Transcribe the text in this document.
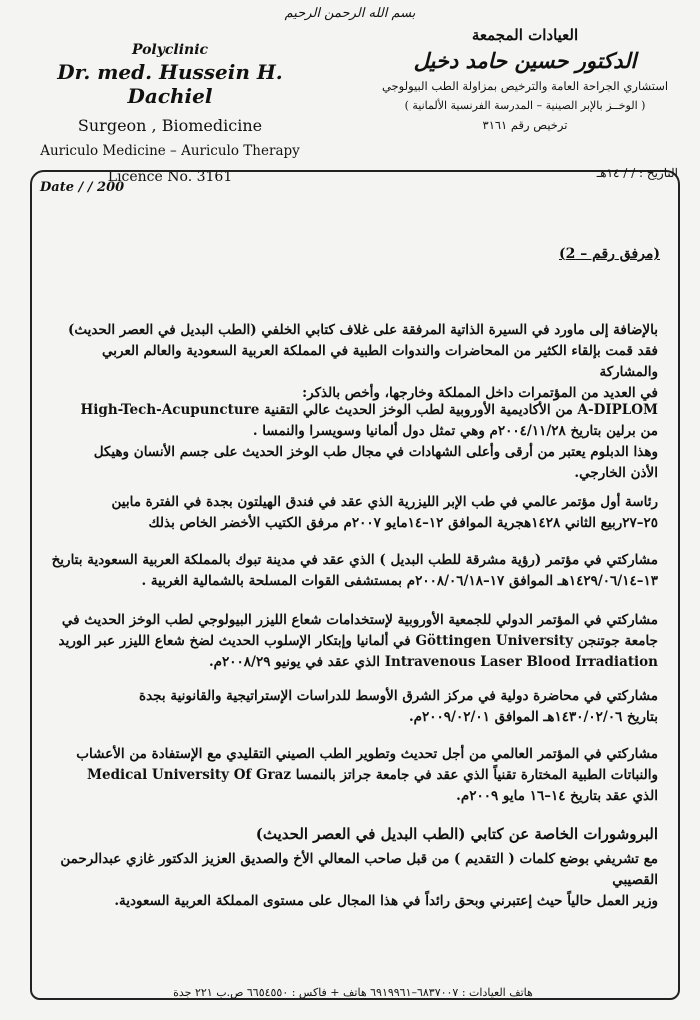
بسم الله الرحمن الرحيم
Polyclinic
Dr. med. Hussein H. Dachiel
Surgeon , Biomedicine
Auriculo Medicine – Auriculo Therapy
Licence No. 3161
العيادات المجمعة
الدكتور حسين حامد دخيل
استشاري الجراحة العامة والترخيص بمزاولة الطب البيولوجي
( الوخــز بالإبر الصينية – المدرسة الفرنسية الألمانية )
ترخيص رقم ٣١٦١
Date / / 200
التاريخ : / / ١٤هـ
(مرفق رقم – 2)

بالإضافة إلى ماورد في السيرة الذاتية المرفقة على غلاف كتابي الخلفي (الطب البديل في العصر الحديث)

فقد قمت بإلقاء الكثير من المحاضرات والندوات الطبية في المملكة العربية السعودية والعالم العربي والمشاركة

في العديد من المؤتمرات داخل المملكة وخارجها، وأخص بالذكر:

A-DIPLOM من الأكاديمية الأوروبية لطب الوخز الحديث عالي التقنية High-Tech-Acupuncture

من برلين بتاريخ ٢٠٠٤/١١/٢٨م وهي تمثل دول ألمانيا وسويسرا والنمسا .

وهذا الدبلوم يعتبر من أرقى وأعلى الشهادات في مجال طب الوخز الحديث على جسم الأنسان وهيكل

الأذن الخارجي.

رئاسة أول مؤتمر عالمي في طب الإبر الليزرية الذي عقد في فندق الهيلتون بجدة في الفترة مابين

٢٥–٢٧ربيع الثاني ١٤٢٨هجرية الموافق ١٢–١٤مايو ٢٠٠٧م مرفق الكتيب الأخضر الخاص بذلك

مشاركتي في مؤتمر (رؤية مشرقة للطب البديل ) الذي عقد في مدينة تبوك بالمملكة العربية السعودية بتاريخ

١٣–١٤٢٩/٠٦/١٤هـ الموافق ١٧–٢٠٠٨/٠٦/١٨م بمستشفى القوات المسلحة بالشمالية الغربية .

مشاركتي في المؤتمر الدولي للجمعية الأوروبية لإستخدامات شعاع الليزر البيولوجي لطب الوخز الحديث في

جامعة جوتنجن Göttingen University في ألمانيا وإبتكار الإسلوب الحديث لضخ شعاع الليزر عبر الوريد

Intravenous Laser Blood Irradiation الذي عقد في يونيو ٢٠٠٨/٢٩م.

مشاركتي في محاضرة دولية في مركز الشرق الأوسط للدراسات الإستراتيجية والقانونية بجدة

بتاريخ ١٤٣٠/٠٢/٠٦هـ الموافق ٢٠٠٩/٠٢/٠١م.

مشاركتي في المؤتمر العالمي من أجل تحديث وتطوير الطب الصيني التقليدي مع الإستفادة من الأعشاب

والنباتات الطبية المختارة تقنياً الذي عقد في جامعة جراتز بالنمسا Medical University Of Graz

الذي عقد بتاريخ ١٤–١٦ مايو ٢٠٠٩م.

البروشورات الخاصة عن كتابي (الطب البديل في العصر الحديث)

مع تشريفي بوضع كلمات ( التقديم ) من قبل صاحب المعالي الأخ والصديق العزيز الدكتور غازي عبدالرحمن القصيبي

وزير العمل حالياً حيث إعتبرني وبحق رائداً في هذا المجال على مستوى المملكة العربية السعودية.

هاتف العيادات : ٦٨٣٧٠٠٧–٦٩١٩٩٦١ هاتف + فاكس : ٦٦٥٤٥٥٠ ص.ب ٢٢١ جدة
